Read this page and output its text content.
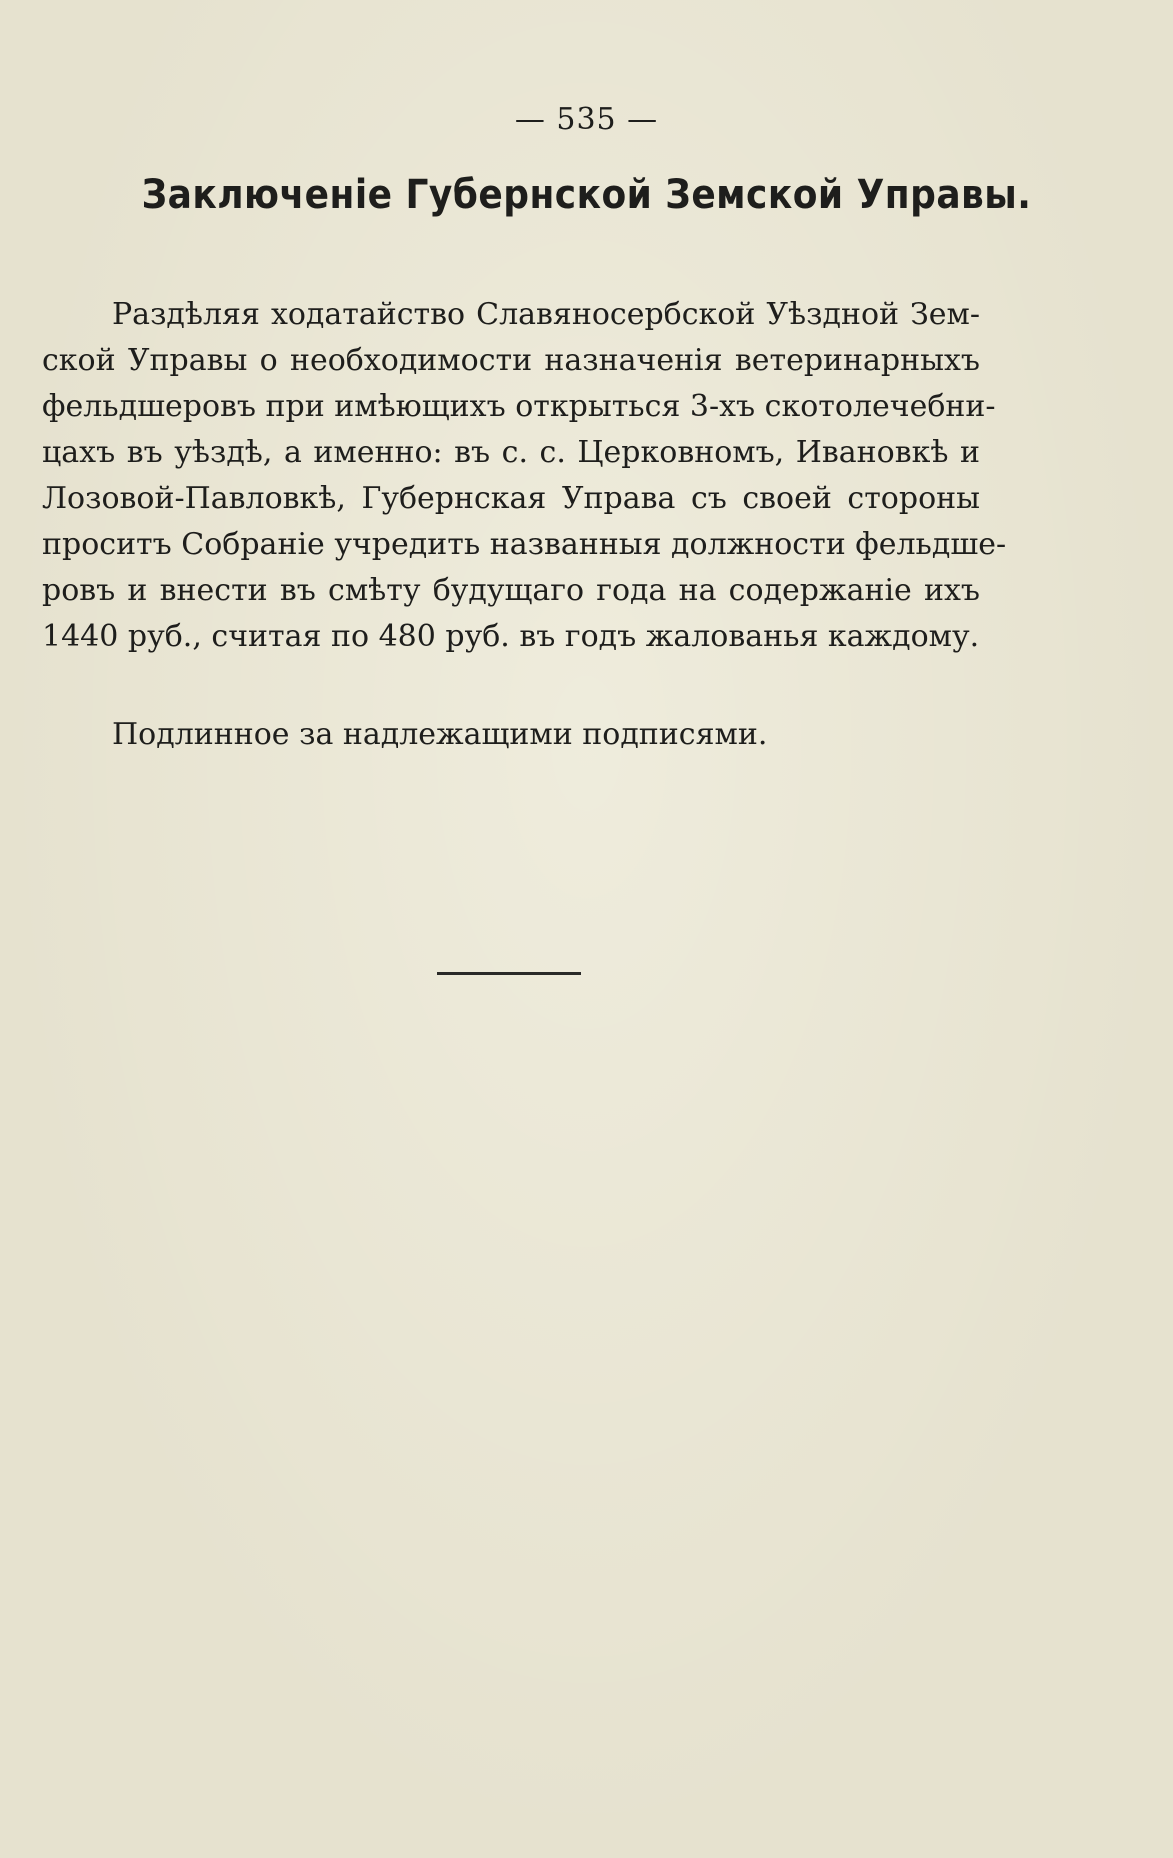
— 535 —
Заключенiе Губернской Земской Управы.
Раздѣляя ходатайство Славяносербской Уѣздной Зем-
ской Управы о необходимости назначенiя ветеринарныхъ
фельдшеровъ при имѣющихъ открыться 3-хъ скотолечебни-
цахъ въ уѣздѣ, а именно: въ с. с. Церковномъ, Ивановкѣ и
Лозовой-Павловкѣ, Губернская Управа съ своей стороны
проситъ Собранiе учредить названныя должности фельдше-
ровъ и внести въ смѣту будущаго года на содержанiе ихъ
1440 руб., считая по 480 руб. въ годъ жалованья каждому.
Подлинное за надлежащими подписями.
